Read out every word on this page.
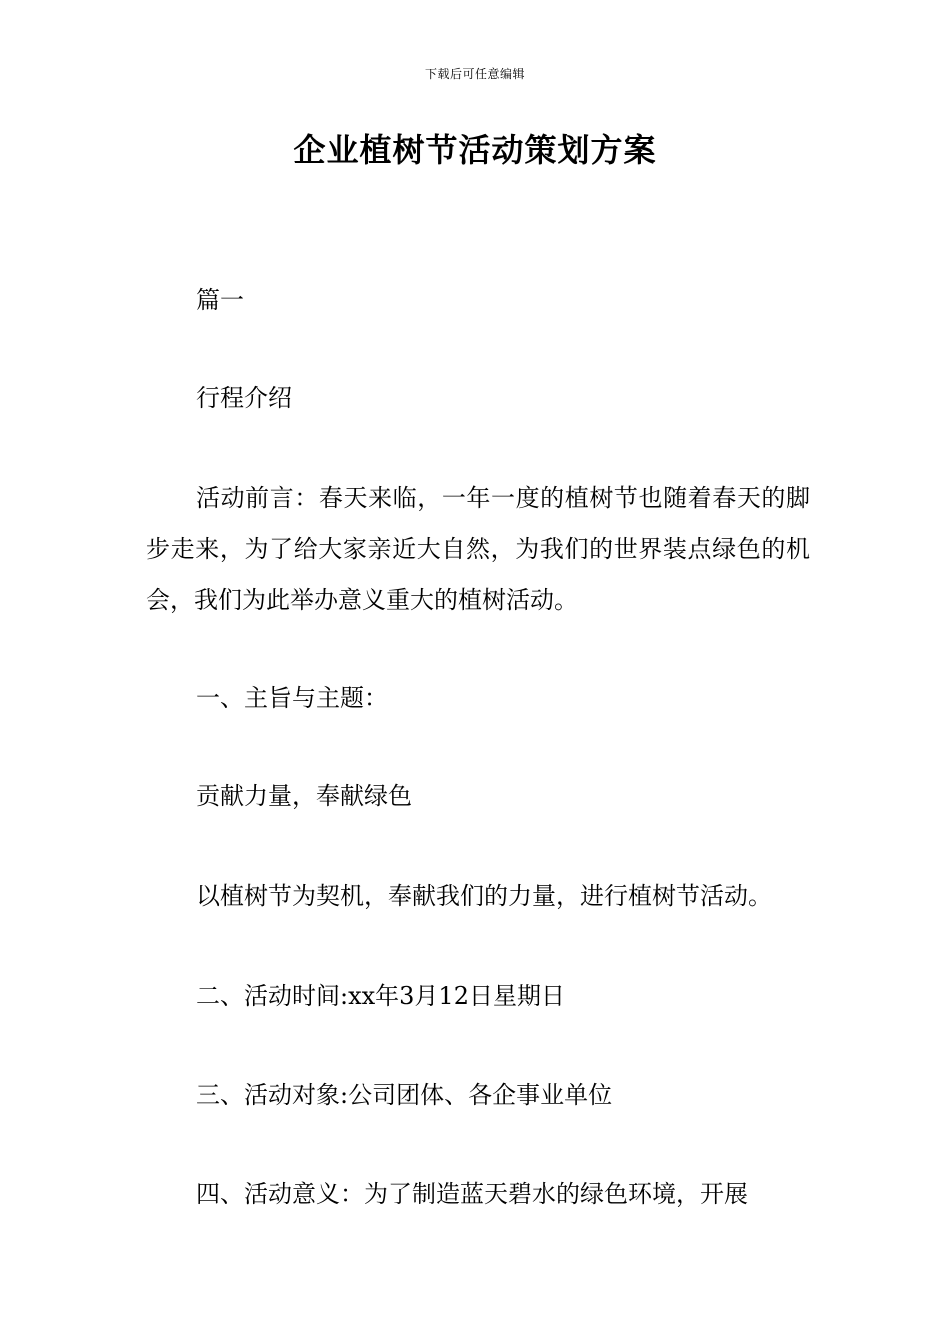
下载后可任意编辑
企业植树节活动策划方案
篇一
行程介绍

活动前言：春天来临，一年一度的植树节也随着春天的脚步走来，为了给大家亲近大自然，为我们的世界装点绿色的机会，我们为此举办意义重大的植树活动。

一、主旨与主题：
贡献力量，奉献绿色
以植树节为契机，奉献我们的力量，进行植树节活动。
二、活动时间:xx年3月12日星期日
三、活动对象:公司团体、各企事业单位
四、活动意义：为了制造蓝天碧水的绿色环境，开展
